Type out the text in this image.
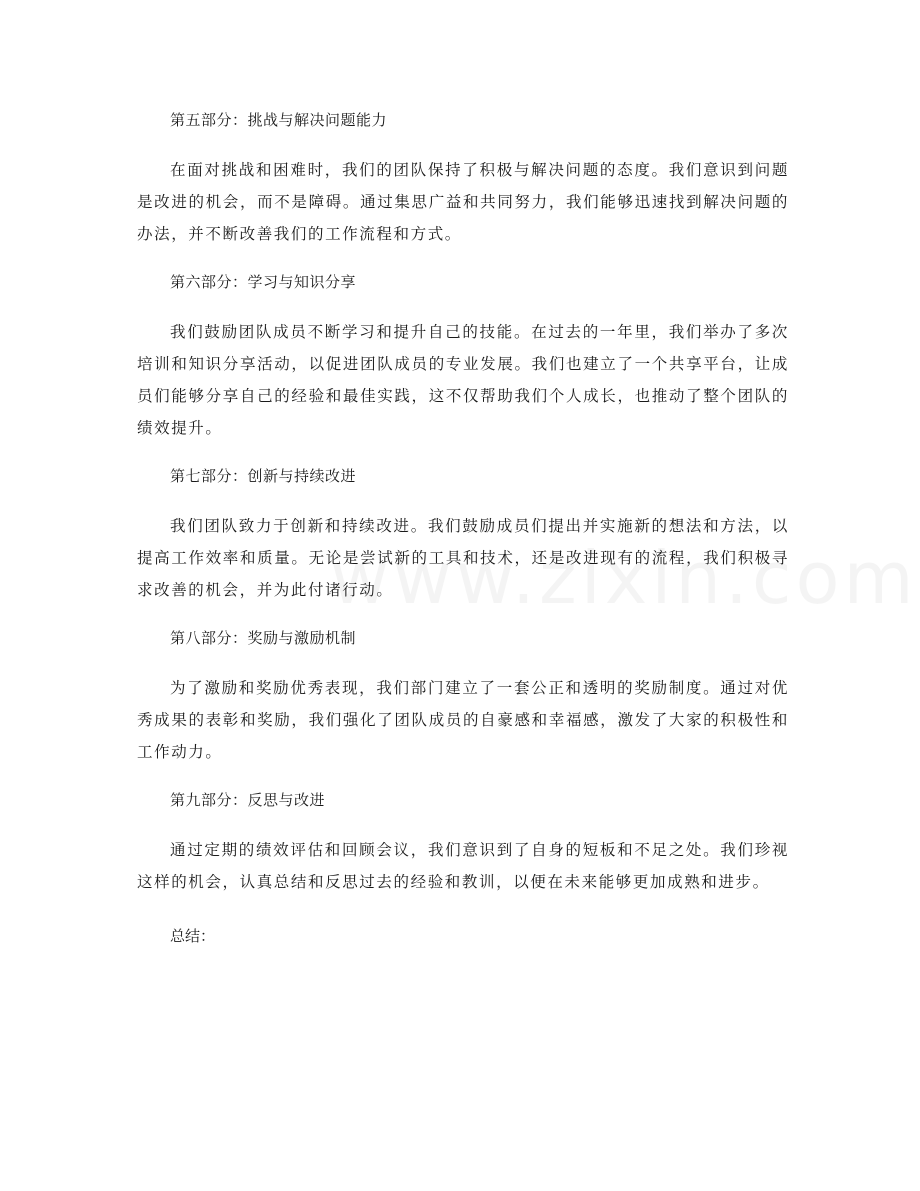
第五部分：挑战与解决问题能力

在面对挑战和困难时，我们的团队保持了积极与解决问题的态度。我们意识到问题是改进的机会，而不是障碍。通过集思广益和共同努力，我们能够迅速找到解决问题的办法，并不断改善我们的工作流程和方式。

第六部分：学习与知识分享

我们鼓励团队成员不断学习和提升自己的技能。在过去的一年里，我们举办了多次培训和知识分享活动，以促进团队成员的专业发展。我们也建立了一个共享平台，让成员们能够分享自己的经验和最佳实践，这不仅帮助我们个人成长，也推动了整个团队的绩效提升。

第七部分：创新与持续改进

我们团队致力于创新和持续改进。我们鼓励成员们提出并实施新的想法和方法，以提高工作效率和质量。无论是尝试新的工具和技术，还是改进现有的流程，我们积极寻求改善的机会，并为此付诸行动。

第八部分：奖励与激励机制

为了激励和奖励优秀表现，我们部门建立了一套公正和透明的奖励制度。通过对优秀成果的表彰和奖励，我们强化了团队成员的自豪感和幸福感，激发了大家的积极性和工作动力。

第九部分：反思与改进

通过定期的绩效评估和回顾会议，我们意识到了自身的短板和不足之处。我们珍视这样的机会，认真总结和反思过去的经验和教训，以便在未来能够更加成熟和进步。

总结：
